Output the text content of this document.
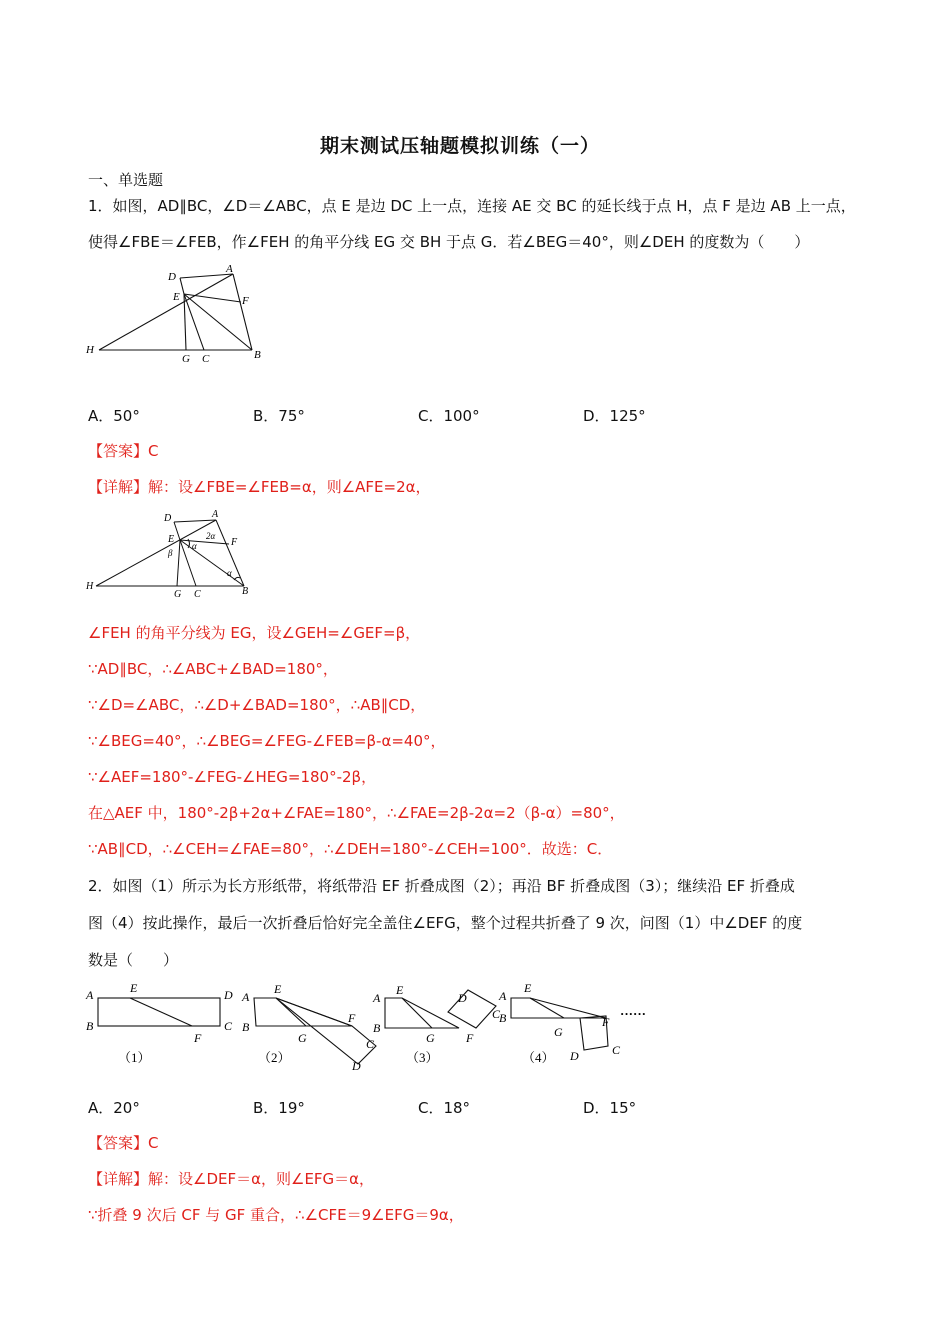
期末测试压轴题模拟训练（一）
一、单选题
1．如图，AD∥BC，∠D＝∠ABC，点 E 是边 DC 上一点，连接 AE 交 BC 的延长线于点 H，点 F 是边 AB 上一点，
使得∠FBE＝∠FEB，作∠FEH 的角平分线 EG 交 BH 于点 G．若∠BEG＝40°，则∠DEH 的度数为（　　）
D
A
E	F
H
G C	B
A．50°	B．75°	C．100°	D．125°
【答案】C
【详解】解：设∠FBE=∠FEB=α，则∠AFE=2α，
D	A
E	F
H
G C	B
2α
α
β
α
∠FEH 的角平分线为 EG，设∠GEH=∠GEF=β，
∵AD∥BC，∴∠ABC+∠BAD=180°，
∵∠D=∠ABC，∴∠D+∠BAD=180°，∴AB∥CD，
∵∠BEG=40°，∴∠BEG=∠FEG-∠FEB=β-α=40°，
∵∠AEF=180°-∠FEG-∠HEG=180°-2β，
在△AEF 中，180°-2β+2α+∠FAE=180°，∴∠FAE=2β-2α=2（β-α）=80°，
∵AB∥CD，∴∠CEH=∠FAE=80°，∴∠DEH=180°-∠CEH=100°．故选：C．
2．如图（1）所示为长方形纸带，将纸带沿 EF 折叠成图（2）；再沿 BF 折叠成图（3）；继续沿 EF 折叠成
图（4）按此操作，最后一次折叠后恰好完全盖住∠EFG，整个过程共折叠了 9 次，问图（1）中∠DEF 的度
数是（　　）
A	E	D
B	C
F
A
E
B
G
F
C
D
A
E
B
G	F
D
C
A
E
B
G
F
D	C
（1）	（2）	（3）	（4）
······
A．20°	B．19°	C．18°	D．15°
【答案】C
【详解】解：设∠DEF＝α，则∠EFG＝α，
∵折叠 9 次后 CF 与 GF 重合，∴∠CFE＝9∠EFG＝9α，
